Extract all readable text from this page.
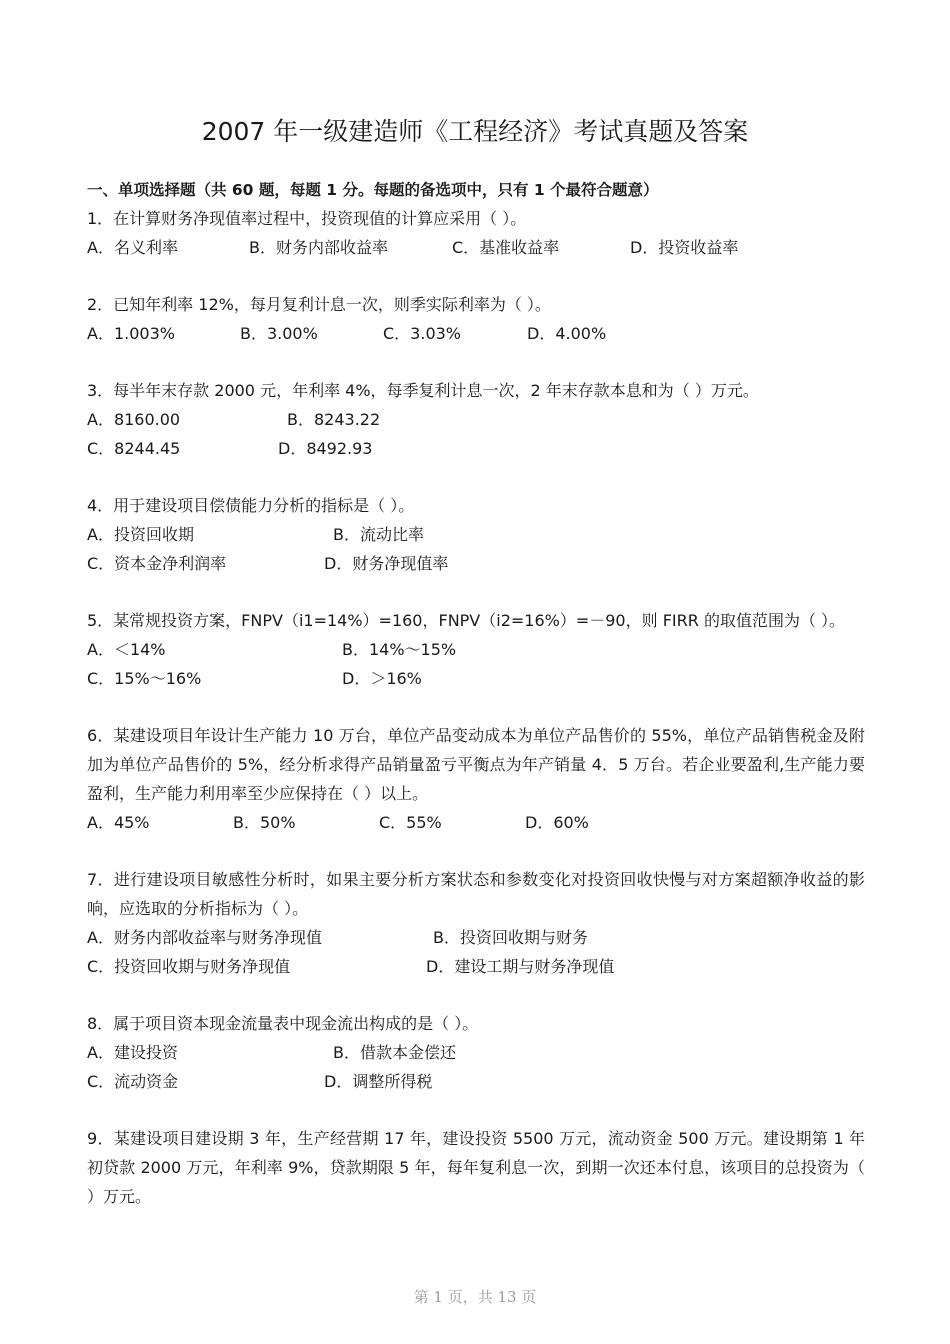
2007 年一级建造师《工程经济》考试真题及答案
一、单项选择题（共 60 题，每题 1 分。每题的备选项中，只有 1 个最符合题意）
1．在计算财务净现值率过程中，投资现值的计算应采用（ ）。
A．名义利率	B．财务内部收益率	C．基准收益率	D．投资收益率
2．已知年利率 12%，每月复利计息一次，则季实际利率为（ ）。
A．1.003%	B．3.00%	C．3.03%	D．4.00%
3．每半年末存款 2000 元，年利率 4%，每季复利计息一次，2 年末存款本息和为（ ）万元。
A．8160.00	B．8243.22
C．8244.45	D．8492.93
4．用于建设项目偿债能力分析的指标是（ ）。
A．投资回收期	B．流动比率
C．资本金净利润率	D．财务净现值率
5．某常规投资方案，FNPV（i1=14%）=160，FNPV（i2=16%）=－90，则 FIRR 的取值范围为（ ）。
A．＜14%	B．14%～15%
C．15%～16%	D．＞16%
6．某建设项目年设计生产能力 10 万台，单位产品变动成本为单位产品售价的 55%，单位产品销售税金及附加为单位产品售价的 5%，经分析求得产品销量盈亏平衡点为年产销量 4．5 万台。若企业要盈利,生产能力要盈利，生产能力利用率至少应保持在（ ）以上。
A．45%	B．50%	C．55%	D．60%
7．进行建设项目敏感性分析时，如果主要分析方案状态和参数变化对投资回收快慢与对方案超额净收益的影响，应选取的分析指标为（ ）。
A．财务内部收益率与财务净现值	B．投资回收期与财务
C．投资回收期与财务净现值	D．建设工期与财务净现值
8．属于项目资本现金流量表中现金流出构成的是（ ）。
A．建设投资	B．借款本金偿还
C．流动资金	D．调整所得税
9．某建设项目建设期 3 年，生产经营期 17 年，建设投资 5500 万元，流动资金 500 万元。建设期第 1 年初贷款 2000 万元，年利率 9%，贷款期限 5 年，每年复利息一次，到期一次还本付息，该项目的总投资为（ ）万元。
第 1 页，共 13 页
